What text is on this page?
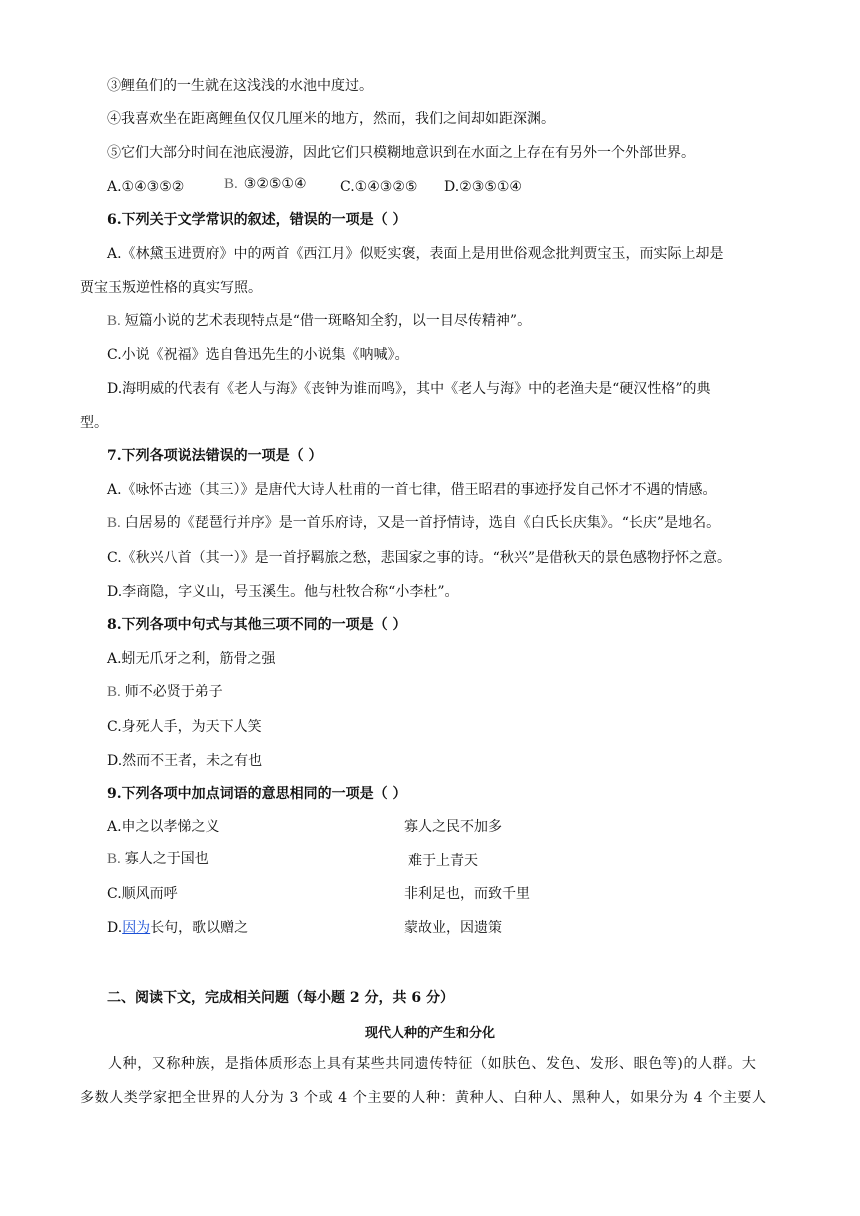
③鲤鱼们的一生就在这浅浅的水池中度过。
④我喜欢坐在距离鲤鱼仅仅几厘米的地方，然而，我们之间却如距深渊。
⑤它们大部分时间在池底漫游，因此它们只模糊地意识到在水面之上存在有另外一个外部世界。
A.①④③⑤②	B. ③②⑤①④ C.①④③②⑤ D.②③⑤①④
6.下列关于文学常识的叙述，错误的一项是（ ）
A.《林黛玉进贾府》中的两首《西江月》似贬实褒，表面上是用世俗观念批判贾宝玉，而实际上却是
贾宝玉叛逆性格的真实写照。
B. 短篇小说的艺术表现特点是“借一斑略知全豹，以一目尽传精神”。
C.小说《祝福》选自鲁迅先生的小说集《呐喊》。
D.海明威的代表有《老人与海》《丧钟为谁而鸣》，其中《老人与海》中的老渔夫是“硬汉性格”的典
型。
7.下列各项说法错误的一项是（ ）
A.《咏怀古迹（其三）》是唐代大诗人杜甫的一首七律，借王昭君的事迹抒发自己怀才不遇的情感。
B. 白居易的《琵琶行并序》是一首乐府诗，又是一首抒情诗，选自《白氏长庆集》。“长庆”是地名。
C.《秋兴八首（其一）》是一首抒羁旅之愁，悲国家之事的诗。“秋兴”是借秋天的景色感物抒怀之意。
D.李商隐，字义山，号玉溪生。他与杜牧合称“小李杜”。
8.下列各项中句式与其他三项不同的一项是（ ）
A.蚓无爪牙之利，筋骨之强
B. 师不必贤于弟子
C.身死人手，为天下人笑
D.然而不王者，未之有也
9.下列各项中加点词语的意思相同的一项是（ ）
A.申之以孝悌之义	寡人之民不加多
B. 寡人之于国也	难于上青天
C.顺风而呼	非利足也，而致千里
D.因为长句，歌以赠之	蒙故业，因遗策
二、阅读下文，完成相关问题（每小题 2 分，共 6 分）
现代人种的产生和分化
人种，又称种族，是指体质形态上具有某些共同遗传特征（如肤色、发色、发形、眼色等)的人群。大
多数人类学家把全世界的人分为 3 个或 4 个主要的人种：黄种人、白种人、黑种人，如果分为 4 个主要人
